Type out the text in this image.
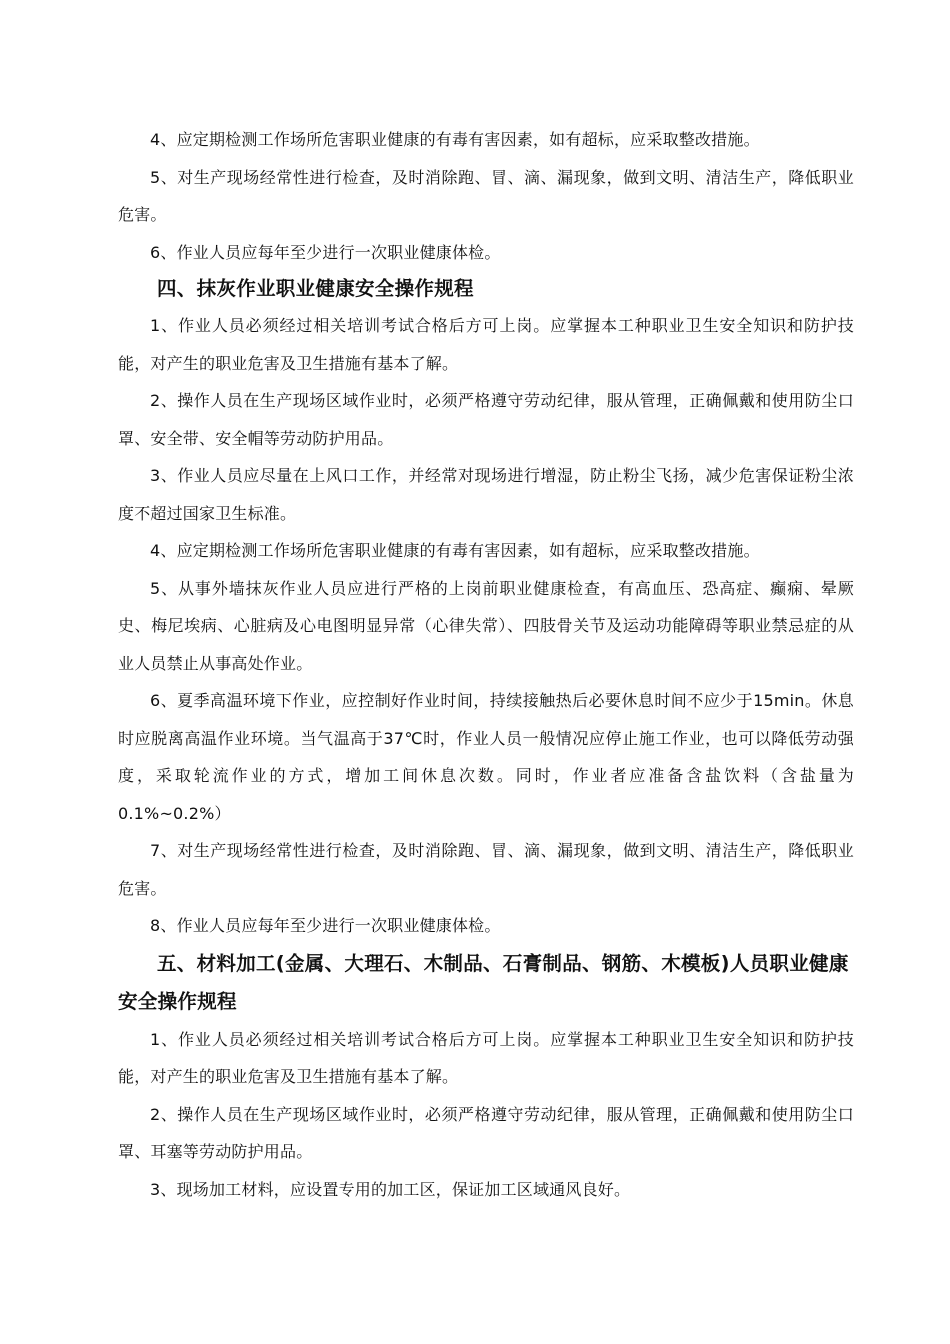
4、应定期检测工作场所危害职业健康的有毒有害因素，如有超标，应采取整改措施。

5、对生产现场经常性进行检查，及时消除跑、冒、滴、漏现象，做到文明、清洁生产，降低职业危害。

6、作业人员应每年至少进行一次职业健康体检。

四、抹灰作业职业健康安全操作规程

1、作业人员必须经过相关培训考试合格后方可上岗。应掌握本工种职业卫生安全知识和防护技能，对产生的职业危害及卫生措施有基本了解。

2、操作人员在生产现场区域作业时，必须严格遵守劳动纪律，服从管理，正确佩戴和使用防尘口罩、安全带、安全帽等劳动防护用品。

3、作业人员应尽量在上风口工作，并经常对现场进行增湿，防止粉尘飞扬，减少危害保证粉尘浓度不超过国家卫生标准。

4、应定期检测工作场所危害职业健康的有毒有害因素，如有超标，应采取整改措施。

5、从事外墙抹灰作业人员应进行严格的上岗前职业健康检查，有高血压、恐高症、癫痫、晕厥史、梅尼埃病、心脏病及心电图明显异常（心律失常）、四肢骨关节及运动功能障碍等职业禁忌症的从业人员禁止从事高处作业。

6、夏季高温环境下作业，应控制好作业时间，持续接触热后必要休息时间不应少于15min。休息时应脱离高温作业环境。当气温高于37℃时，作业人员一般情况应停止施工作业，也可以降低劳动强度，采取轮流作业的方式，增加工间休息次数。同时，作业者应准备含盐饮料（含盐量为0.1%~0.2%）

7、对生产现场经常性进行检查，及时消除跑、冒、滴、漏现象，做到文明、清洁生产，降低职业危害。

8、作业人员应每年至少进行一次职业健康体检。

五、材料加工(金属、大理石、木制品、石膏制品、钢筋、木模板)人员职业健康安全操作规程

1、作业人员必须经过相关培训考试合格后方可上岗。应掌握本工种职业卫生安全知识和防护技能，对产生的职业危害及卫生措施有基本了解。

2、操作人员在生产现场区域作业时，必须严格遵守劳动纪律，服从管理，正确佩戴和使用防尘口罩、耳塞等劳动防护用品。

3、现场加工材料，应设置专用的加工区，保证加工区域通风良好。
